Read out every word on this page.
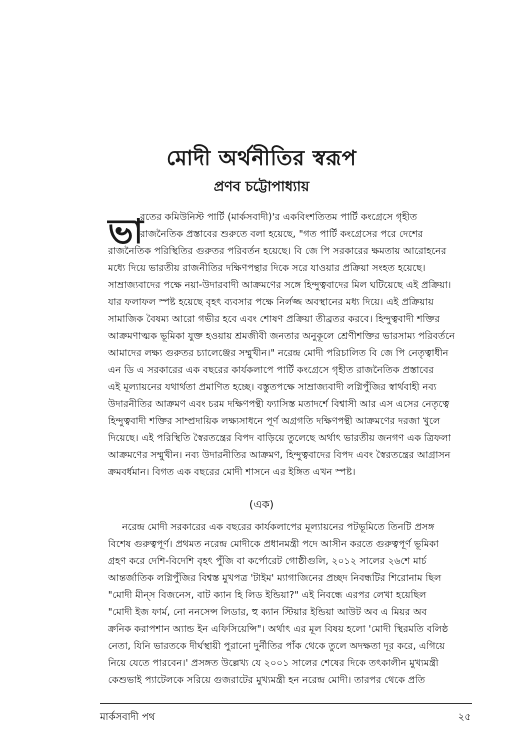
মোদী অর্থনীতির স্বরূপ
প্রণব চট্টোপাধ্যায়
ভা
রতের কমিউনিস্ট পার্টি (মার্কসবাদী)'র একবিংশতিতম পার্টি কংগ্রেসে গৃহীত
রাজনৈতিক প্রস্তাবের শুরুতে বলা হয়েছে, "গত পার্টি কংগ্রেসের পরে দেশের
রাজনৈতিক পরিস্থিতির গুরুতর পরিবর্তন হয়েছে। বি জে পি সরকারের ক্ষমতায় আরোহনের
মধ্যে দিয়ে ভারতীয় রাজনীতির দক্ষিণপন্থার দিকে সরে যাওয়ার প্রক্রিয়া সংহত হয়েছে।
সাম্রাজ্যবাদের পক্ষে নয়া-উদারবাদী আক্রমণের সঙ্গে হিন্দুত্ববাদের মিল ঘটিয়েছে এই প্রক্রিয়া।
যার ফলাফল স্পষ্ট হয়েছে বৃহৎ ব্যবসার পক্ষে নির্লজ্জ অবস্থানের মধ্য দিয়ে। এই প্রক্রিয়ায়
সামাজিক বৈষম্য আরো গভীর হবে এবং শোষণ প্রক্রিয়া তীব্রতর করবে। হিন্দুত্ববাদী শক্তির
আক্রমণাত্মক ভূমিকা যুক্ত হওয়ায় শ্রমজীবী জনতার অনুকূলে শ্রেণীশক্তির ভারসাম্য পরিবর্তনে
আমাদের লক্ষ্য গুরুতর চ্যালেঞ্জের সম্মুখীন।" নরেন্দ্র মোদী পরিচালিত বি জে পি নেতৃত্বাধীন
এন ডি এ সরকারের এক বছরের কার্যকলাপে পার্টি কংগ্রেসে গৃহীত রাজনৈতিক প্রস্তাবের
এই মূল্যায়নের যথার্থতা প্রমাণিত হচ্ছে। বস্তুতপক্ষে সাম্রাজ্যবাদী লগ্নিপুঁজির স্বার্থবাহী নব্য
উদারনীতির আক্রমণ এবং চরম দক্ষিণপন্থী ফ্যাসিস্ত মতাদর্শে বিশ্বাসী আর এস এসের নেতৃত্বে
হিন্দুত্ববাদী শক্তির সাম্প্রদায়িক লক্ষ্যসাধনে পূর্ণ অগ্রগতি দক্ষিণপন্থী আক্রমণের দরজা খুলে
দিয়েছে। এই পরিস্থিতি স্বৈরতন্ত্রের বিপদ বাড়িয়ে তুলেছে অর্থাৎ ভারতীয় জনগণ এক ত্রিফলা
আক্রমণের সম্মুখীন। নব্য উদারনীতির আক্রমণ, হিন্দুত্ববাদের বিপদ এবং স্বৈরতন্ত্রের আগ্রাসন
ক্রমবর্ধমান। বিগত এক বছরের মোদী শাসনে এর ইঙ্গিত এখন স্পষ্ট।
(এক)
নরেন্দ্র মোদী সরকারের এক বছরের কার্যকলাপের মূল্যায়নের পটভূমিতে তিনটি প্রসঙ্গ
বিশেষ গুরুত্বপূর্ণ। প্রথমত নরেন্দ্র মোদীকে প্রধানমন্ত্রী পদে আসীন করতে গুরুত্বপূর্ণ ভূমিকা
গ্রহণ করে দেশি-বিদেশি বৃহৎ পুঁজি বা কর্পোরেট গোষ্ঠীগুলি, ২০১২ সালের ২৬শে মার্চ
আন্তর্জাতিক লগ্নিপুঁজির বিশ্বস্ত মুখপত্র 'টাইম' ম্যাগাজিনের প্রচ্ছদ নিবন্ধটির শিরোনাম ছিল
"মোদী মীন্‌স বিজনেস, বাট ক্যান হি লিড ইন্ডিয়া?" এই নিবন্ধে এরপর লেখা হয়েছিল
"মোদী ইজ ফার্ম, নো ননসেন্স লিডার, হু ক্যান স্টিয়ার ইন্ডিয়া আউট অব এ মিয়র অব
ক্রনিক করাপশান অ্যান্ড ইন এফিসিয়েন্সি"। অর্থাৎ এর মূল বিষয় হলো 'মোদী স্থিরমতি বলিষ্ঠ
নেতা, যিনি ভারতকে দীর্ঘস্থায়ী পুরানো দুর্নীতির পাঁক থেকে তুলে অদক্ষতা দূর করে, এগিয়ে
নিয়ে যেতে পারবেন।' প্রসঙ্গত উল্লেখ্য যে ২০০১ সালের শেষের দিকে তৎকালীন মুখ্যমন্ত্রী
কেশুভাই প্যাটেলকে সরিয়ে গুজরাটের মুখ্যমন্ত্রী হন নরেন্দ্র মোদী। তারপর থেকে প্রতি
মার্কসবাদী পথ	২৫
